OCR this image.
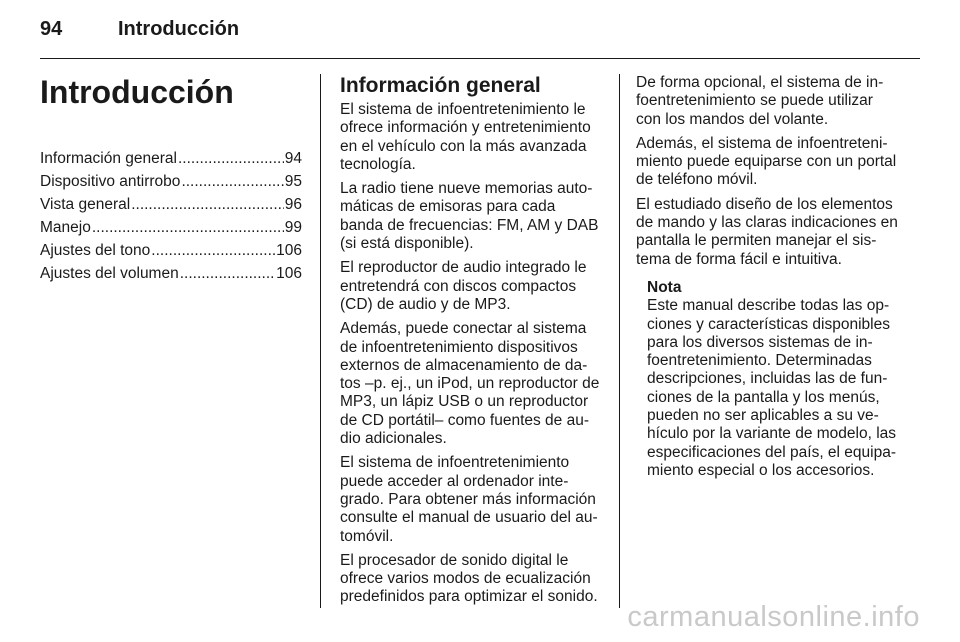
94	Introducción
Introducción
Información general .....	94
Dispositivo antirrobo .....	95
Vista general .....	96
Manejo .....	99
Ajustes del tono .....	106
Ajustes del volumen .....	106
Información general

El sistema de infoentretenimiento le
ofrece información y entretenimiento
en el vehículo con la más avanzada
tecnología.

La radio tiene nueve memorias auto-
máticas de emisoras para cada
banda de frecuencias: FM, AM y DAB
(si está disponible).

El reproductor de audio integrado le
entretendrá con discos compactos
(CD) de audio y de MP3.

Además, puede conectar al sistema
de infoentretenimiento dispositivos
externos de almacenamiento de da-
tos –p. ej., un iPod, un reproductor de
MP3, un lápiz USB o un reproductor
de CD portátil– como fuentes de au-
dio adicionales.

El sistema de infoentretenimiento
puede acceder al ordenador inte-
grado. Para obtener más información
consulte el manual de usuario del au-
tomóvil.

El procesador de sonido digital le
ofrece varios modos de ecualización
predefinidos para optimizar el sonido.

De forma opcional, el sistema de in-
foentretenimiento se puede utilizar
con los mandos del volante.

Además, el sistema de infoentreteni-
miento puede equiparse con un portal
de teléfono móvil.

El estudiado diseño de los elementos
de mando y las claras indicaciones en
pantalla le permiten manejar el sis-
tema de forma fácil e intuitiva.

Nota

Este manual describe todas las op-
ciones y características disponibles
para los diversos sistemas de in-
foentretenimiento. Determinadas
descripciones, incluidas las de fun-
ciones de la pantalla y los menús,
pueden no ser aplicables a su ve-
hículo por la variante de modelo, las
especificaciones del país, el equipa-
miento especial o los accesorios.

carmanualsonline.info
